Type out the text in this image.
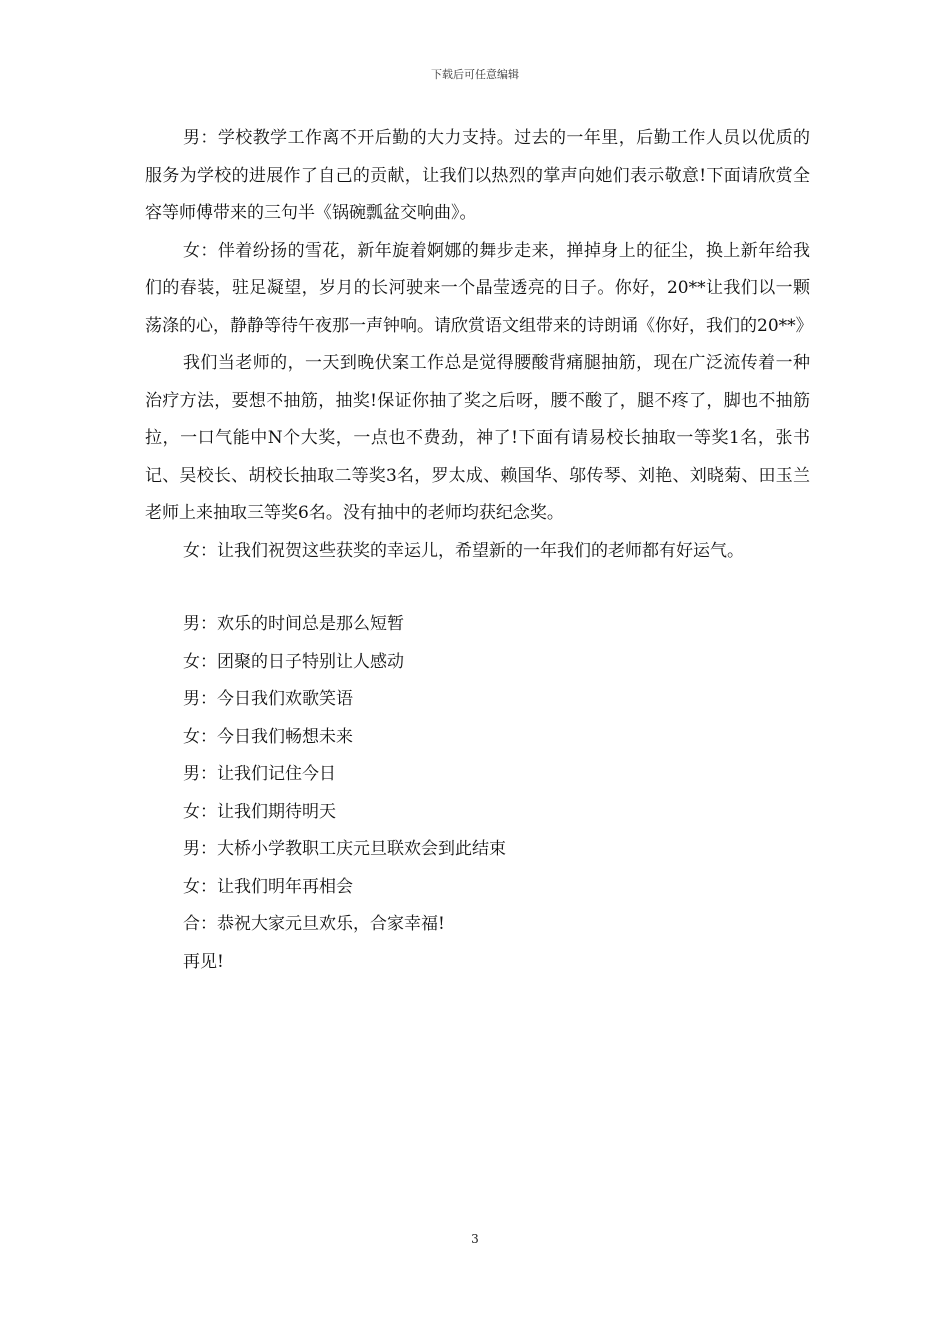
下载后可任意编辑

男：学校教学工作离不开后勤的大力支持。过去的一年里，后勤工作人员以优质的服务为学校的进展作了自己的贡献，让我们以热烈的掌声向她们表示敬意!下面请欣赏全容等师傅带来的三句半《锅碗瓢盆交响曲》。

女：伴着纷扬的雪花，新年旋着婀娜的舞步走来，掸掉身上的征尘，换上新年给我们的春装，驻足凝望，岁月的长河驶来一个晶莹透亮的日子。你好，20**让我们以一颗荡涤的心，静静等待午夜那一声钟响。请欣赏语文组带来的诗朗诵《你好，我们的20**》

我们当老师的，一天到晚伏案工作总是觉得腰酸背痛腿抽筋，现在广泛流传着一种治疗方法，要想不抽筋，抽奖!保证你抽了奖之后呀，腰不酸了，腿不疼了，脚也不抽筋拉，一口气能中N个大奖，一点也不费劲，神了!下面有请易校长抽取一等奖1名，张书记、吴校长、胡校长抽取二等奖3名，罗太成、赖国华、邬传琴、刘艳、刘晓菊、田玉兰老师上来抽取三等奖6名。没有抽中的老师均获纪念奖。

女：让我们祝贺这些获奖的幸运儿，希望新的一年我们的老师都有好运气。

男：欢乐的时间总是那么短暂

女：团聚的日子特别让人感动

男：今日我们欢歌笑语

女：今日我们畅想未来

男：让我们记住今日

女：让我们期待明天

男：大桥小学教职工庆元旦联欢会到此结束

女：让我们明年再相会

合：恭祝大家元旦欢乐，合家幸福!

再见!

3
